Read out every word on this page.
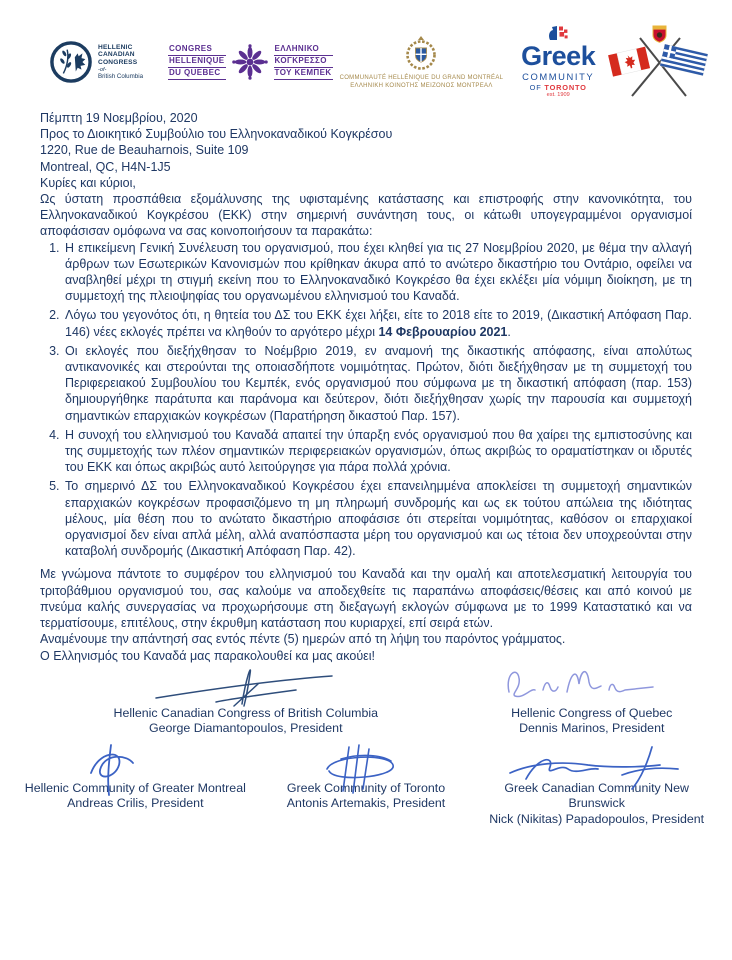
HELLENIC CANADIAN
CONGRESS
-of-
British Columbia
CONGRES
HELLENIQUE
DU QUEBEC
ΕΛΛΗΝΙΚΟ
ΚΟΓΚΡΕΣΣΟ
ΤΟΥ ΚΕΜΠΕΚ
COMMUNAUTÉ HELLÉNIQUE DU GRAND MONTRÉAL
ΕΛΛΗΝΙΚΗ ΚΟΙΝΟΤΗΣ ΜΕΙΖΟΝΟΣ ΜΟΝΤΡΕΑΛ
Greek
COMMUNITY
OF TORONTO
est. 1909

Πέμπτη 19 Νοεμβρίου, 2020

Προς το Διοικητικό Συμβούλιο του Ελληνοκαναδικού Κογκρέσου
1220, Rue de Beauharnois, Suite 109
Montreal, QC, H4N-1J5

Κυρίες και κύριοι,

Ως ύστατη προσπάθεια εξομάλυνσης της υφισταμένης κατάστασης και επιστροφής στην κανονικότητα, του Ελληνοκαναδικού Κογκρέσου (ΕΚΚ) στην σημερινή συνάντηση τους, οι κάτωθι υπογεγραμμένοι οργανισμοί αποφάσισαν ομόφωνα να σας κοινοποιήσουν τα παρακάτω:

1. Η επικείμενη Γενική Συνέλευση του οργανισμού, που έχει κληθεί για τις 27 Νοεμβρίου 2020, με θέμα την αλλαγή άρθρων των Εσωτερικών Κανονισμών που κρίθηκαν άκυρα από το ανώτερο δικαστήριο του Οντάριο, οφείλει να αναβληθεί μέχρι τη στιγμή εκείνη που το Ελληνοκαναδικό Κογκρέσο θα έχει εκλέξει μία νόμιμη διοίκηση, με τη συμμετοχή της πλειοψηφίας του οργανωμένου ελληνισμού του Καναδά.
2. Λόγω του γεγονότος ότι, η θητεία του ΔΣ του ΕΚΚ έχει λήξει, είτε το 2018 είτε το 2019, (Δικαστική Απόφαση Παρ. 146) νέες εκλογές πρέπει να κληθούν το αργότερο μέχρι 14 Φεβρουαρίου 2021.
3. Οι εκλογές που διεξήχθησαν το Νοέμβριο 2019, εν αναμονή της δικαστικής απόφασης, είναι απολύτως αντικανονικές και στερούνται της οποιασδήποτε νομιμότητας. Πρώτον, διότι διεξήχθησαν με τη συμμετοχή του Περιφερειακού Συμβουλίου του Κεμπέκ, ενός οργανισμού που σύμφωνα με τη δικαστική απόφαση (παρ. 153) δημιουργήθηκε παράτυπα και παράνομα και δεύτερον, διότι διεξήχθησαν χωρίς την παρουσία και συμμετοχή σημαντικών επαρχιακών κογκρέσων (Παρατήρηση δικαστού Παρ. 157).
4. Η συνοχή του ελληνισμού του Καναδά απαιτεί την ύπαρξη ενός οργανισμού που θα χαίρει της εμπιστοσύνης και της συμμετοχής των πλέον σημαντικών περιφερειακών οργανισμών, όπως ακριβώς το οραματίστηκαν οι ιδρυτές του ΕΚΚ και όπως ακριβώς αυτό λειτούργησε για πάρα πολλά χρόνια.
5. Το σημερινό ΔΣ του Ελληνοκαναδικού Κογκρέσου έχει επανειλημμένα αποκλείσει τη συμμετοχή σημαντικών επαρχιακών κογκρέσων προφασιζόμενο τη μη πληρωμή συνδρομής και ως εκ τούτου απώλεια της ιδιότητας μέλους, μία θέση που το ανώτατο δικαστήριο αποφάσισε ότι στερείται νομιμότητας, καθόσον οι επαρχιακοί οργανισμοί δεν είναι απλά μέλη, αλλά αναπόσπαστα μέρη του οργανισμού και ως τέτοια δεν υποχρεούνται στην καταβολή συνδρομής (Δικαστική Απόφαση Παρ. 42).

Με γνώμονα πάντοτε το συμφέρον του ελληνισμού του Καναδά και την ομαλή και αποτελεσματική λειτουργία του τριτοβάθμιου οργανισμού του, σας καλούμε να αποδεχθείτε τις παραπάνω αποφάσεις/θέσεις και από κοινού με πνεύμα καλής συνεργασίας να προχωρήσουμε στη διεξαγωγή εκλογών σύμφωνα με το 1999 Καταστατικό και να τερματίσουμε, επιτέλους, στην έκρυθμη κατάσταση που κυριαρχεί, επί σειρά ετών.

Αναμένουμε την απάντησή σας εντός πέντε (5) ημερών από τη λήψη του παρόντος γράμματος.

Ο Ελληνισμός του Καναδά μας παρακολουθεί κα μας ακούει!

Hellenic Canadian Congress of British Columbia
George Diamantopoulos, President
Hellenic Congress of Quebec
Dennis Marinos, President
Hellenic Community of Greater Montreal
Andreas Crilis, President
Greek Community of Toronto
Antonis Artemakis, President
Greek Canadian Community New Brunswick
Nick (Nikitas) Papadopoulos, President
